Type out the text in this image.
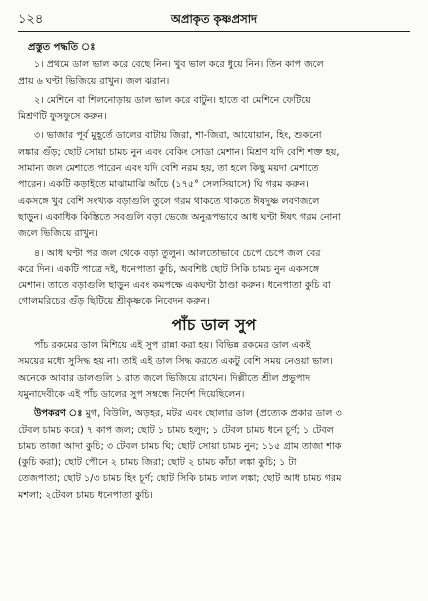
১২৪	অপ্রাকৃত কৃষ্ণপ্রসাদ
প্রস্তুত পদ্ধতি ঃ
১। প্রথমে ডাল ভাল করে বেছে নিন। খুব ভাল করে ধুয়ে নিন। তিন কাপ জলে
প্রায় ৬ ঘণ্টা ভিজিয়ে রাখুন। জল ঝরান।
২। মেশিনে বা শিলনোড়ায় ডাল ভাল করে বাটুন। হাতে বা মেশিনে ফেটিয়ে
মিশ্রণটি ফুসফুসে করুন।
৩। ভাজার পূর্ব মুহূর্তে ডালের বাটায় জিরা, শা-জিরা, আযোয়ান, হিং, শুকনো
লঙ্কার গুঁড়; ছোট সোয়া চামচ নুন এবং বেকিং সোডা মেশান। মিশ্রণ যদি বেশি শক্ত হয়,
সামান্য জল মেশাতে পারেন এবং যদি বেশি নরম হয়, তা হলে কিছু ময়দা মেশাতে
পারেন। একটি কড়াইতে মাঝামাঝি আঁচে (১৭৫° সেলসিয়াসে) ঘি গরম করুন।
একসঙ্গে খুব বেশি সংখ্যক বড়াগুলি তুলে গরম থাকতে থাকতে ঈষদুষ্ণ লবণজলে
ছাড়ুন। একাধিক কিস্তিতে সবগুলি বড়া ভেজে অনুরূপভাবে আধ ঘণ্টা ঈষৎ গরম নোনা
জলে ভিজিয়ে রাখুন।
৪। আধ ঘণ্টা পর জল থেকে বড়া তুলুন। আলতোভাবে চেপে চেপে জল বের
করে দিন। একটি পাত্রে দই, ধনেপাতা কুচি, অবশিষ্ট ছোট সিকি চামচ নুন একসঙ্গে
মেশান। তাতে বড়াগুলি ছাড়ুন এবং কমপক্ষে একঘণ্টা ঠাণ্ডা করুন। ধনেপাতা কুচি বা
গোলমরিচের গুঁড় ছিটিয়ে শ্রীকৃষ্ণকে নিবেদন করুন।
পাঁচ ডাল সুপ
পাঁচ রকমের ডাল মিশিয়ে এই সুপ রান্না করা হয়। বিভিন্ন রকমের ডাল একই
সময়ের মধ্যে সুসিদ্ধ হয় না। তাই এই ডাল সিদ্ধ করতে একটু বেশি সময় নেওয়া ভাল।
অনেকে আবার ডালগুলি ১ রাত জলে ভিজিয়ে রাখেন। দিল্লীতে শ্রীল প্রভুপাদ
যমুনাদেবীকে এই পাঁচ ডালের সুপ সম্বন্ধে নির্দেশ দিয়েছিলেন।
উপকরণ ঃ মুগ, বিউলি, অড়হর, মটর এবং ছোলার ডাল (প্রত্যেক প্রকার ডাল ৩
টেবল চামচ করে) ৭ কাপ জল; ছোট ১ চামচ হলুদ; ১ টেবল চামচ ধনে চূর্ণ; ১ টেবল
চামচ তাজা আদা কুচি; ৩ টেবল চামচ ঘি; ছোট সোয়া চামচ নুন; ১১৫ গ্রাম তাজা শাক
(কুচি করা); ছোট পৌনে ২ চামচ জিরা; ছোট ২ চামচ কাঁচা লঙ্কা কুচি; ১ টা
তেজপাতা; ছোট ১/৩ চামচ হিং চূর্ণ; ছোট সিকি চামচ লাল লঙ্কা; ছোট আধ চামচ গরম
মশলা; ২টেবল চামচ ধনেপাতা কুচি।
